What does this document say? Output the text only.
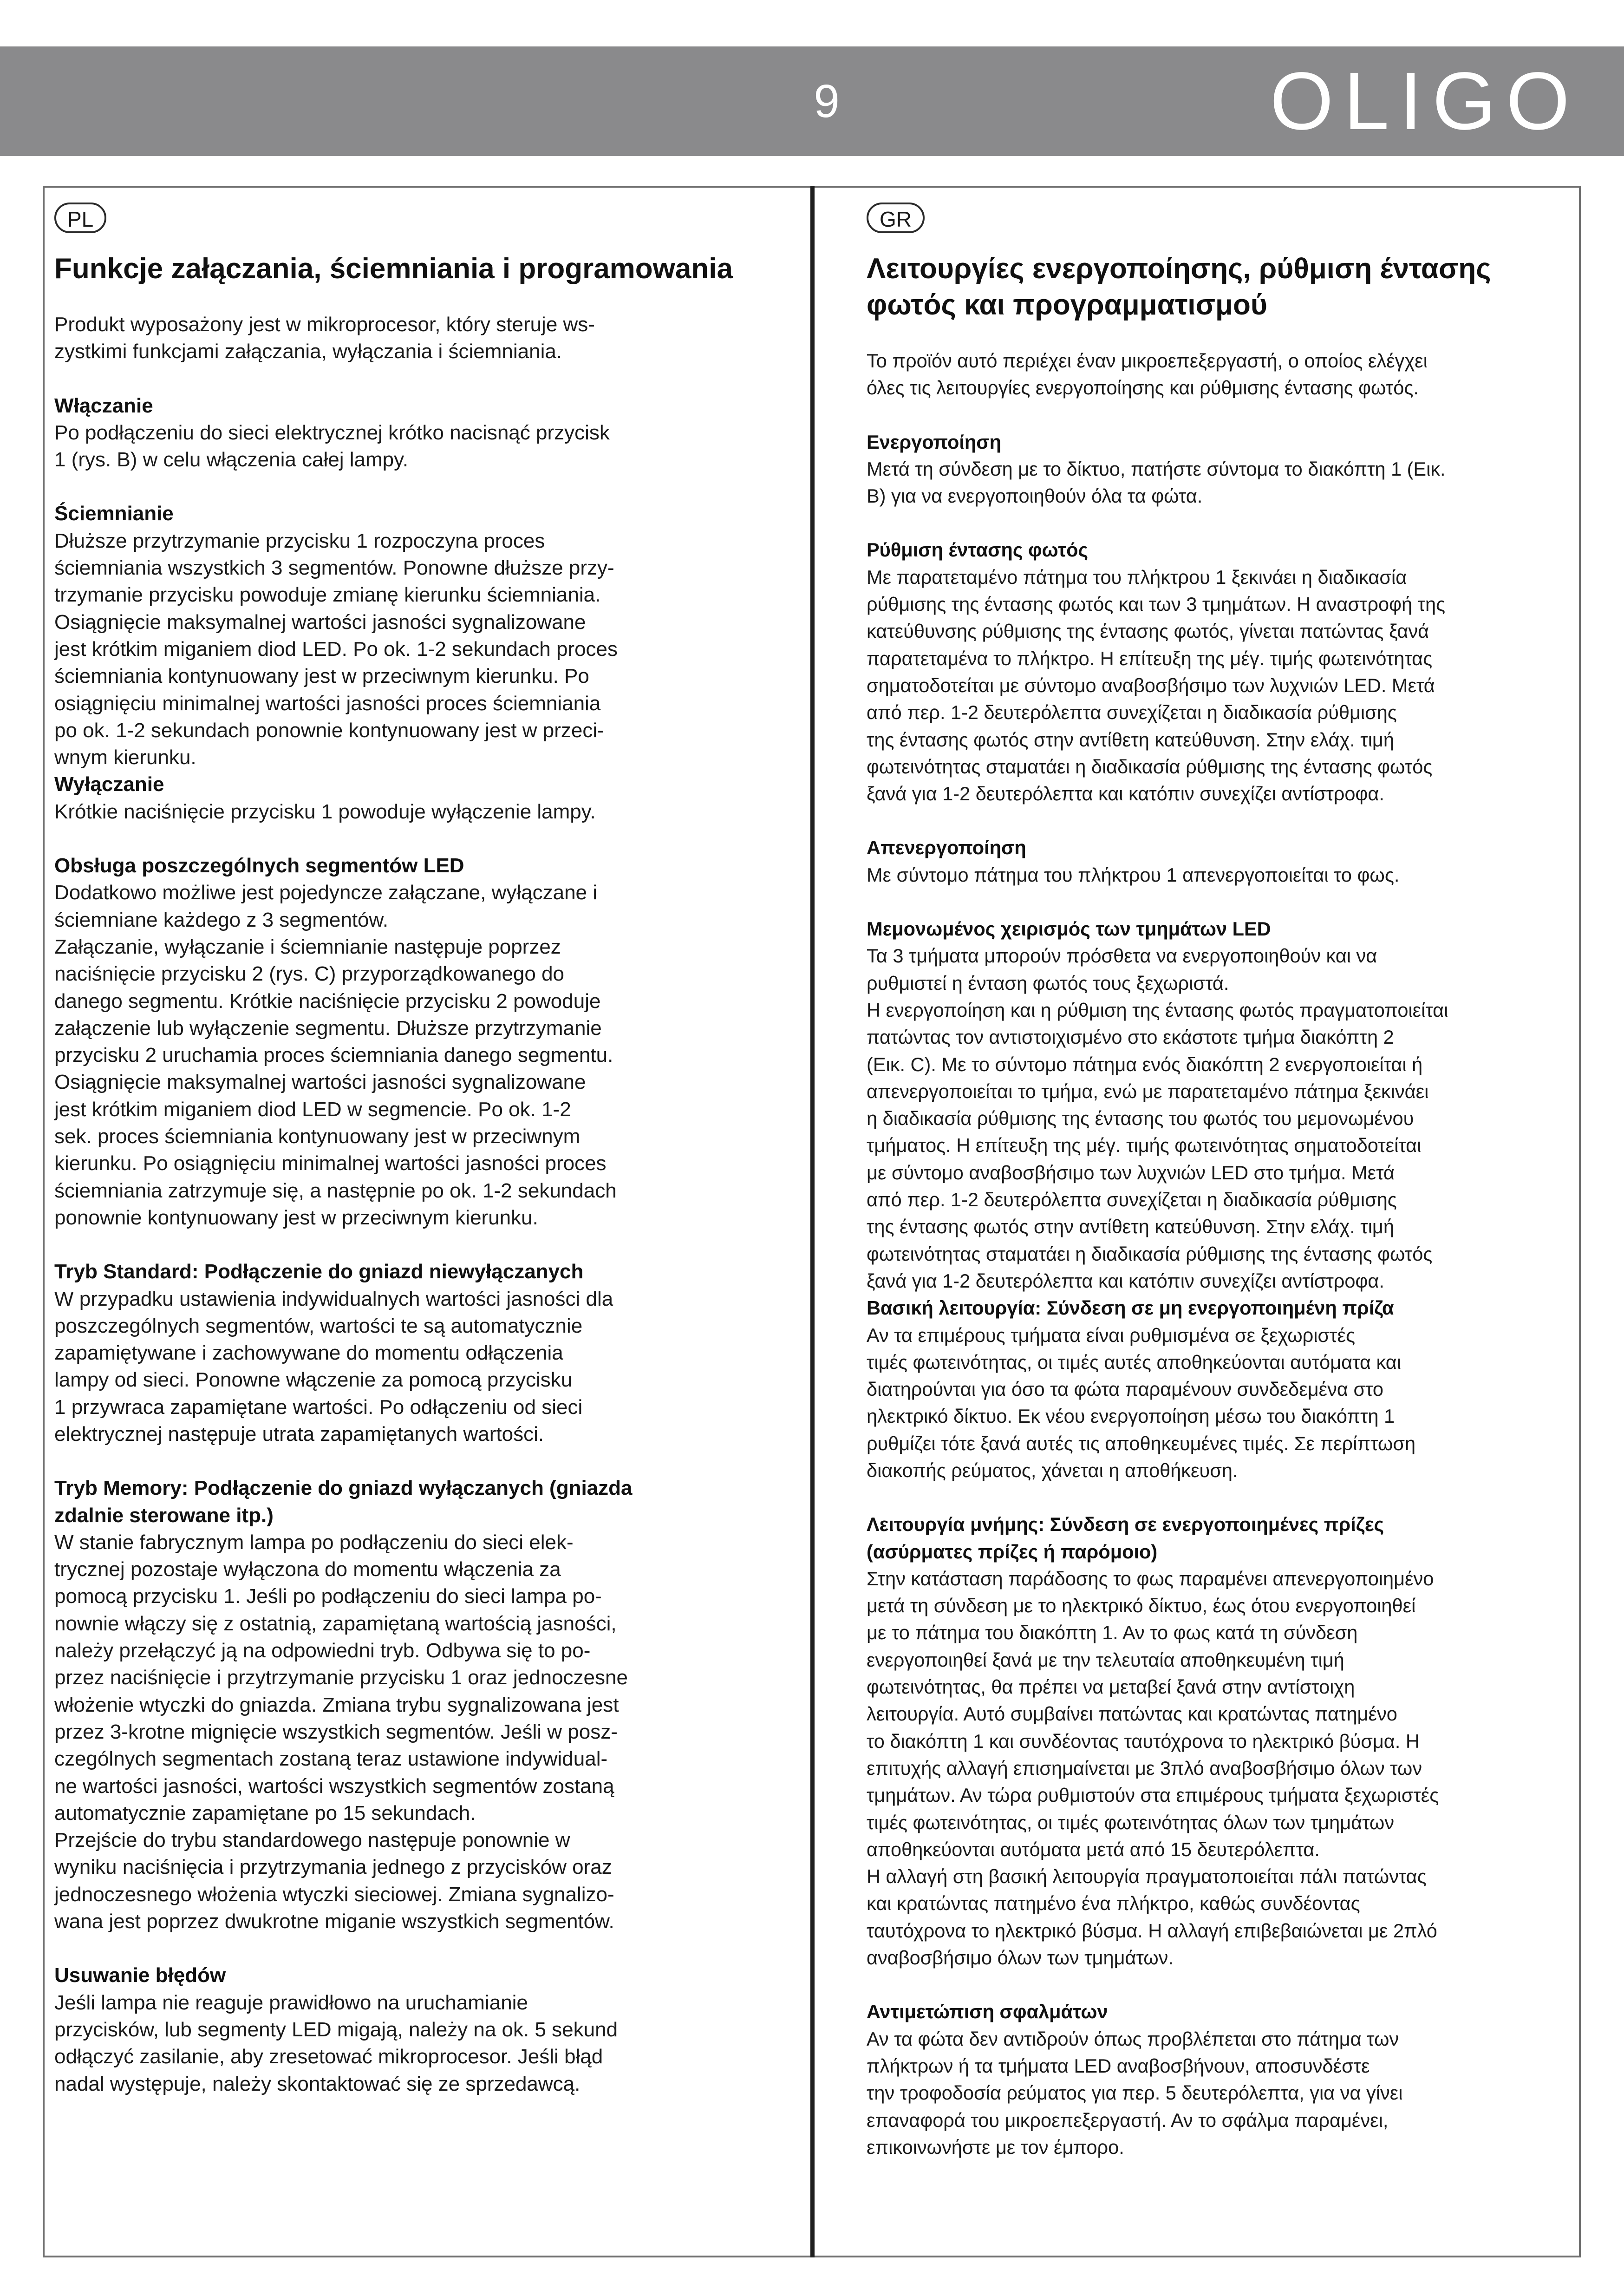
9	OLIGO
PL
Funkcje załączania, ściemniania i programowania

Produkt wyposażony jest w mikroprocesor, który steruje ws-
zystkimi funkcjami załączania, wyłączania i ściemniania.

Włączanie

Po podłączeniu do sieci elektrycznej krótko nacisnąć przycisk
1 (rys. B) w celu włączenia całej lampy.

Ściemnianie

Dłuższe przytrzymanie przycisku 1 rozpoczyna proces
ściemniania wszystkich 3 segmentów. Ponowne dłuższe przy-
trzymanie przycisku powoduje zmianę kierunku ściemniania.
Osiągnięcie maksymalnej wartości jasności sygnalizowane
jest krótkim miganiem diod LED. Po ok. 1-2 sekundach proces
ściemniania kontynuowany jest w przeciwnym kierunku. Po
osiągnięciu minimalnej wartości jasności proces ściemniania
po ok. 1-2 sekundach ponownie kontynuowany jest w przeci-
wnym kierunku.

Wyłączanie

Krótkie naciśnięcie przycisku 1 powoduje wyłączenie lampy.

Obsługa poszczególnych segmentów LED

Dodatkowo możliwe jest pojedyncze załączane, wyłączane i
ściemniane każdego z 3 segmentów.
Załączanie, wyłączanie i ściemnianie następuje poprzez
naciśnięcie przycisku 2 (rys. C) przyporządkowanego do
danego segmentu. Krótkie naciśnięcie przycisku 2 powoduje
załączenie lub wyłączenie segmentu. Dłuższe przytrzymanie
przycisku 2 uruchamia proces ściemniania danego segmentu.
Osiągnięcie maksymalnej wartości jasności sygnalizowane
jest krótkim miganiem diod LED w segmencie. Po ok. 1-2
sek. proces ściemniania kontynuowany jest w przeciwnym
kierunku. Po osiągnięciu minimalnej wartości jasności proces
ściemniania zatrzymuje się, a następnie po ok. 1-2 sekundach
ponownie kontynuowany jest w przeciwnym kierunku.

Tryb Standard: Podłączenie do gniazd niewyłączanych

W przypadku ustawienia indywidualnych wartości jasności dla
poszczególnych segmentów, wartości te są automatycznie
zapamiętywane i zachowywane do momentu odłączenia
lampy od sieci. Ponowne włączenie za pomocą przycisku
1 przywraca zapamiętane wartości. Po odłączeniu od sieci
elektrycznej następuje utrata zapamiętanych wartości.

Tryb Memory: Podłączenie do gniazd wyłączanych (gniazda
zdalnie sterowane itp.)

W stanie fabrycznym lampa po podłączeniu do sieci elek-
trycznej pozostaje wyłączona do momentu włączenia za
pomocą przycisku 1. Jeśli po podłączeniu do sieci lampa po-
nownie włączy się z ostatnią, zapamiętaną wartością jasności,
należy przełączyć ją na odpowiedni tryb. Odbywa się to po-
przez naciśnięcie i przytrzymanie przycisku 1 oraz jednoczesne
włożenie wtyczki do gniazda. Zmiana trybu sygnalizowana jest
przez 3-krotne mignięcie wszystkich segmentów. Jeśli w posz-
czególnych segmentach zostaną teraz ustawione indywidual-
ne wartości jasności, wartości wszystkich segmentów zostaną
automatycznie zapamiętane po 15 sekundach.
Przejście do trybu standardowego następuje ponownie w
wyniku naciśnięcia i przytrzymania jednego z przycisków oraz
jednoczesnego włożenia wtyczki sieciowej. Zmiana sygnalizo-
wana jest poprzez dwukrotne miganie wszystkich segmentów.

Usuwanie błędów

Jeśli lampa nie reaguje prawidłowo na uruchamianie
przycisków, lub segmenty LED migają, należy na ok. 5 sekund
odłączyć zasilanie, aby zresetować mikroprocesor. Jeśli błąd
nadal występuje, należy skontaktować się ze sprzedawcą.

GR
Λειτουργίες ενεργοποίησης, ρύθμιση έντασης
φωτός και προγραμματισμού

Το προϊόν αυτό περιέχει έναν μικροεπεξεργαστή, ο οποίος ελέγχει
όλες τις λειτουργίες ενεργοποίησης και ρύθμισης έντασης φωτός.

Ενεργοποίηση

Μετά τη σύνδεση με το δίκτυο, πατήστε σύντομα το διακόπτη 1 (Εικ.
B) για να ενεργοποιηθούν όλα τα φώτα.

Ρύθμιση έντασης φωτός

Με παρατεταμένο πάτημα του πλήκτρου 1 ξεκινάει η διαδικασία
ρύθμισης της έντασης φωτός και των 3 τμημάτων. Η αναστροφή της
κατεύθυνσης ρύθμισης της έντασης φωτός, γίνεται πατώντας ξανά
παρατεταμένα το πλήκτρο. Η επίτευξη της μέγ. τιμής φωτεινότητας
σηματοδοτείται με σύντομο αναβοσβήσιμο των λυχνιών LED. Μετά
από περ. 1-2 δευτερόλεπτα συνεχίζεται η διαδικασία ρύθμισης
της έντασης φωτός στην αντίθετη κατεύθυνση. Στην ελάχ. τιμή
φωτεινότητας σταματάει η διαδικασία ρύθμισης της έντασης φωτός
ξανά για 1-2 δευτερόλεπτα και κατόπιν συνεχίζει αντίστροφα.

Απενεργοποίηση

Με σύντομο πάτημα του πλήκτρου 1 απενεργοποιείται το φως.

Μεμονωμένος χειρισμός των τμημάτων LED

Τα 3 τμήματα μπορούν πρόσθετα να ενεργοποιηθούν και να
ρυθμιστεί η ένταση φωτός τους ξεχωριστά.
Η ενεργοποίηση και η ρύθμιση της έντασης φωτός πραγματοποιείται
πατώντας τον αντιστοιχισμένο στο εκάστοτε τμήμα διακόπτη 2
(Εικ. C). Με το σύντομο πάτημα ενός διακόπτη 2 ενεργοποιείται ή
απενεργοποιείται το τμήμα, ενώ με παρατεταμένο πάτημα ξεκινάει
η διαδικασία ρύθμισης της έντασης του φωτός του μεμονωμένου
τμήματος. Η επίτευξη της μέγ. τιμής φωτεινότητας σηματοδοτείται
με σύντομο αναβοσβήσιμο των λυχνιών LED στο τμήμα. Μετά
από περ. 1-2 δευτερόλεπτα συνεχίζεται η διαδικασία ρύθμισης
της έντασης φωτός στην αντίθετη κατεύθυνση. Στην ελάχ. τιμή
φωτεινότητας σταματάει η διαδικασία ρύθμισης της έντασης φωτός
ξανά για 1-2 δευτερόλεπτα και κατόπιν συνεχίζει αντίστροφα.

Βασική λειτουργία: Σύνδεση σε μη ενεργοποιημένη πρίζα

Αν τα επιμέρους τμήματα είναι ρυθμισμένα σε ξεχωριστές
τιμές φωτεινότητας, οι τιμές αυτές αποθηκεύονται αυτόματα και
διατηρούνται για όσο τα φώτα παραμένουν συνδεδεμένα στο
ηλεκτρικό δίκτυο. Εκ νέου ενεργοποίηση μέσω του διακόπτη 1
ρυθμίζει τότε ξανά αυτές τις αποθηκευμένες τιμές. Σε περίπτωση
διακοπής ρεύματος, χάνεται η αποθήκευση.

Λειτουργία μνήμης: Σύνδεση σε ενεργοποιημένες πρίζες
(ασύρματες πρίζες ή παρόμοιο)

Στην κατάσταση παράδοσης το φως παραμένει απενεργοποιημένο
μετά τη σύνδεση με το ηλεκτρικό δίκτυο, έως ότου ενεργοποιηθεί
με το πάτημα του διακόπτη 1. Αν το φως κατά τη σύνδεση
ενεργοποιηθεί ξανά με την τελευταία αποθηκευμένη τιμή
φωτεινότητας, θα πρέπει να μεταβεί ξανά στην αντίστοιχη
λειτουργία. Αυτό συμβαίνει πατώντας και κρατώντας πατημένο
το διακόπτη 1 και συνδέοντας ταυτόχρονα το ηλεκτρικό βύσμα. Η
επιτυχής αλλαγή επισημαίνεται με 3πλό αναβοσβήσιμο όλων των
τμημάτων. Αν τώρα ρυθμιστούν στα επιμέρους τμήματα ξεχωριστές
τιμές φωτεινότητας, οι τιμές φωτεινότητας όλων των τμημάτων
αποθηκεύονται αυτόματα μετά από 15 δευτερόλεπτα.
Η αλλαγή στη βασική λειτουργία πραγματοποιείται πάλι πατώντας
και κρατώντας πατημένο ένα πλήκτρο, καθώς συνδέοντας
ταυτόχρονα το ηλεκτρικό βύσμα. Η αλλαγή επιβεβαιώνεται με 2πλό
αναβοσβήσιμο όλων των τμημάτων.

Αντιμετώπιση σφαλμάτων

Αν τα φώτα δεν αντιδρούν όπως προβλέπεται στο πάτημα των
πλήκτρων ή τα τμήματα LED αναβοσβήνουν, αποσυνδέστε
την τροφοδοσία ρεύματος για περ. 5 δευτερόλεπτα, για να γίνει
επαναφορά του μικροεπεξεργαστή. Αν το σφάλμα παραμένει,
επικοινωνήστε με τον έμπορο.
